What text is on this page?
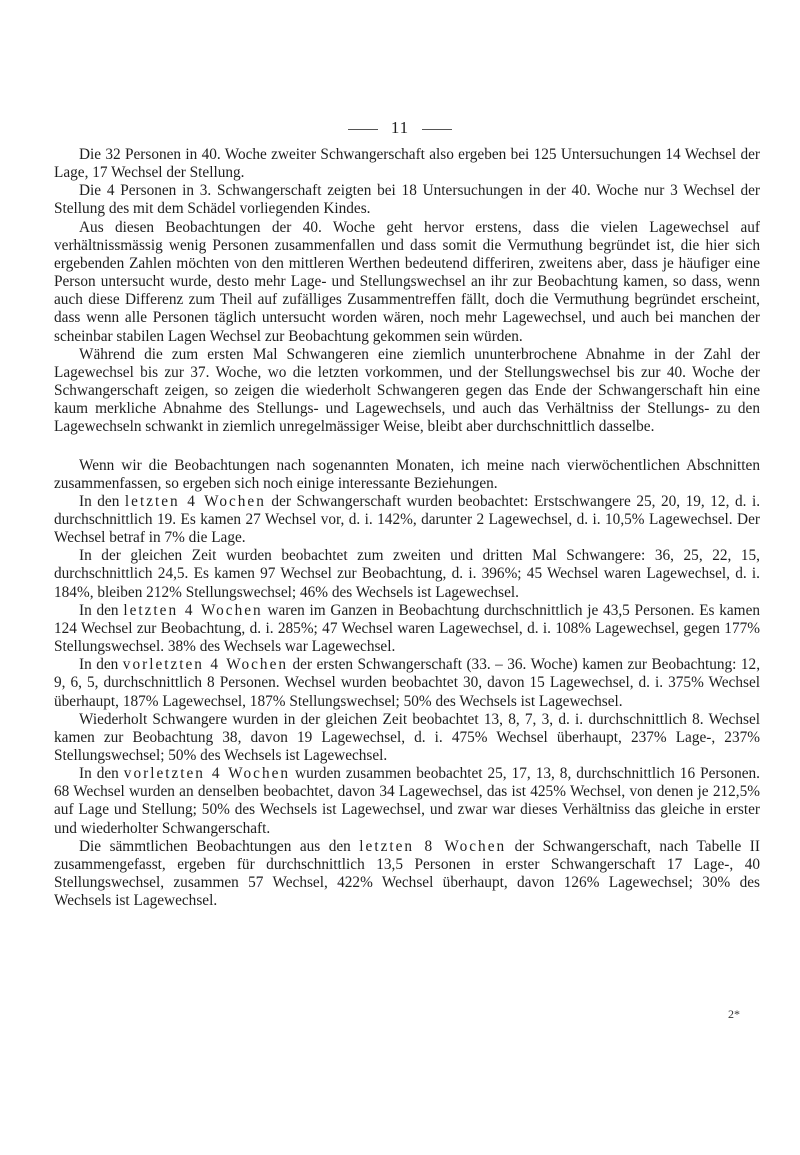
11

Die 32 Personen in 40. Woche zweiter Schwangerschaft also ergeben bei 125 Untersuchungen 14 Wechsel der Lage, 17 Wechsel der Stellung.

Die 4 Personen in 3. Schwangerschaft zeigten bei 18 Untersuchungen in der 40. Woche nur 3 Wechsel der Stellung des mit dem Schädel vorliegenden Kindes.

Aus diesen Beobachtungen der 40. Woche geht hervor erstens, dass die vielen Lagewechsel auf verhältnissmässig wenig Personen zusammenfallen und dass somit die Vermuthung begründet ist, die hier sich ergebenden Zahlen möchten von den mittleren Werthen bedeutend differiren, zweitens aber, dass je häufiger eine Person untersucht wurde, desto mehr Lage- und Stellungswechsel an ihr zur Beobachtung kamen, so dass, wenn auch diese Differenz zum Theil auf zufälliges Zusammentreffen fällt, doch die Vermuthung begründet erscheint, dass wenn alle Personen täglich untersucht worden wären, noch mehr Lagewechsel, und auch bei manchen der scheinbar stabilen Lagen Wechsel zur Beobachtung gekommen sein würden.

Während die zum ersten Mal Schwangeren eine ziemlich ununterbrochene Abnahme in der Zahl der Lagewechsel bis zur 37. Woche, wo die letzten vorkommen, und der Stellungswechsel bis zur 40. Woche der Schwangerschaft zeigen, so zeigen die wiederholt Schwangeren gegen das Ende der Schwangerschaft hin eine kaum merkliche Abnahme des Stellungs- und Lagewechsels, und auch das Verhältniss der Stellungs- zu den Lagewechseln schwankt in ziemlich unregelmässiger Weise, bleibt aber durchschnittlich dasselbe.

Wenn wir die Beobachtungen nach sogenannten Monaten, ich meine nach vierwöchentlichen Abschnitten zusammenfassen, so ergeben sich noch einige interessante Beziehungen.

In den letzten 4 Wochen der Schwangerschaft wurden beobachtet: Erstschwangere 25, 20, 19, 12, d. i. durchschnittlich 19. Es kamen 27 Wechsel vor, d. i. 142%, darunter 2 Lagewechsel, d. i. 10,5% Lagewechsel. Der Wechsel betraf in 7% die Lage.

In der gleichen Zeit wurden beobachtet zum zweiten und dritten Mal Schwangere: 36, 25, 22, 15, durchschnittlich 24,5. Es kamen 97 Wechsel zur Beobachtung, d. i. 396%; 45 Wechsel waren Lagewechsel, d. i. 184%, bleiben 212% Stellungswechsel; 46% des Wechsels ist Lagewechsel.

In den letzten 4 Wochen waren im Ganzen in Beobachtung durchschnittlich je 43,5 Personen. Es kamen 124 Wechsel zur Beobachtung, d. i. 285%; 47 Wechsel waren Lagewechsel, d. i. 108% Lagewechsel, gegen 177% Stellungswechsel. 38% des Wechsels war Lagewechsel.

In den vorletzten 4 Wochen der ersten Schwangerschaft (33. – 36. Woche) kamen zur Beobachtung: 12, 9, 6, 5, durchschnittlich 8 Personen. Wechsel wurden beobachtet 30, davon 15 Lagewechsel, d. i. 375% Wechsel überhaupt, 187% Lagewechsel, 187% Stellungswechsel; 50% des Wechsels ist Lagewechsel.

Wiederholt Schwangere wurden in der gleichen Zeit beobachtet 13, 8, 7, 3, d. i. durchschnittlich 8. Wechsel kamen zur Beobachtung 38, davon 19 Lagewechsel, d. i. 475% Wechsel überhaupt, 237% Lage-, 237% Stellungswechsel; 50% des Wechsels ist Lagewechsel.

In den vorletzten 4 Wochen wurden zusammen beobachtet 25, 17, 13, 8, durchschnittlich 16 Personen. 68 Wechsel wurden an denselben beobachtet, davon 34 Lagewechsel, das ist 425% Wechsel, von denen je 212,5% auf Lage und Stellung; 50% des Wechsels ist Lagewechsel, und zwar war dieses Verhältniss das gleiche in erster und wiederholter Schwangerschaft.

Die sämmtlichen Beobachtungen aus den letzten 8 Wochen der Schwangerschaft, nach Tabelle II zusammengefasst, ergeben für durchschnittlich 13,5 Personen in erster Schwangerschaft 17 Lage-, 40 Stellungswechsel, zusammen 57 Wechsel, 422% Wechsel überhaupt, davon 126% Lagewechsel; 30% des Wechsels ist Lagewechsel.

2*
